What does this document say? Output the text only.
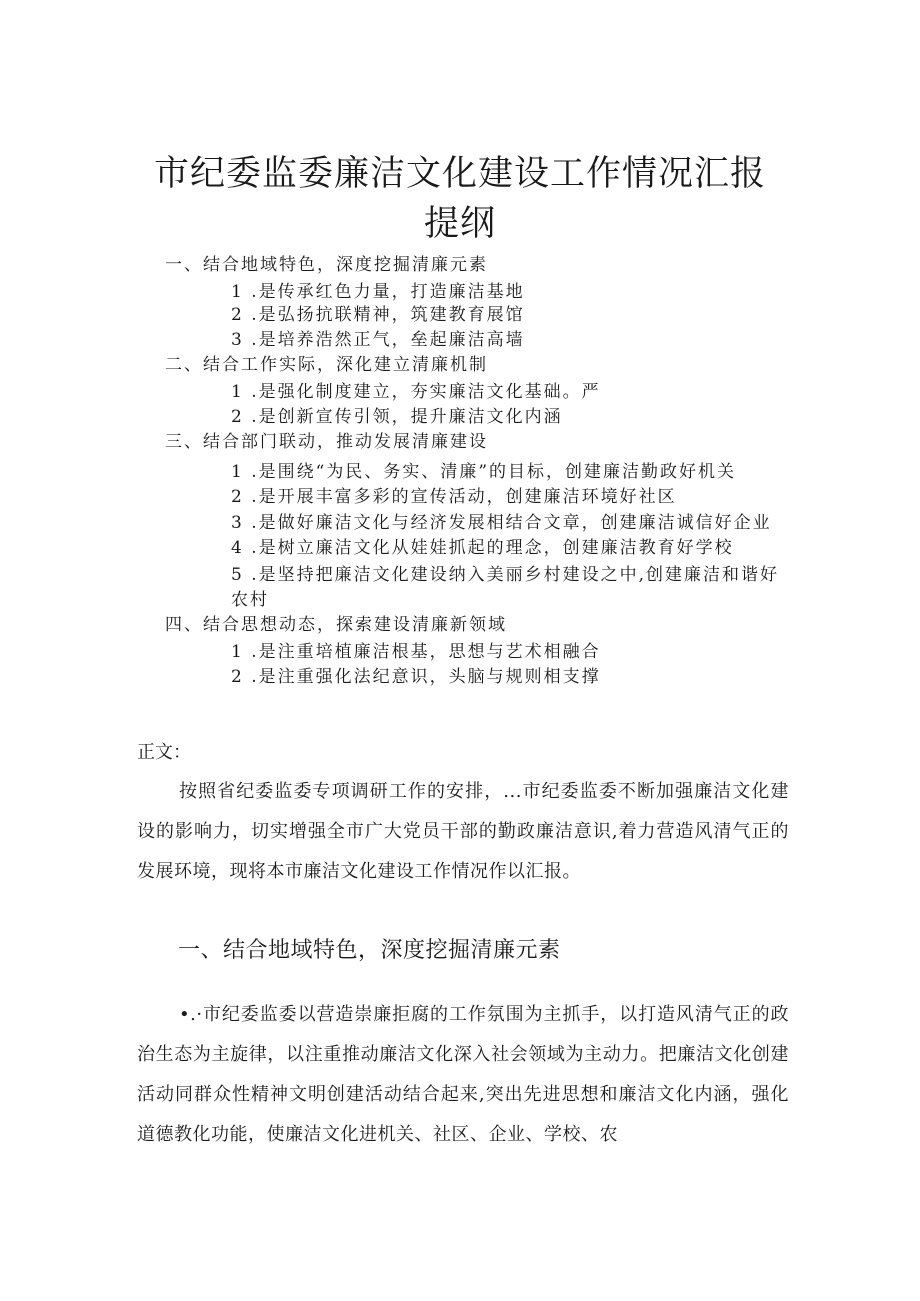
市纪委监委廉洁文化建设工作情况汇报
提纲
一、结合地域特色，深度挖掘清廉元素
1 .是传承红色力量，打造廉洁基地
2 .是弘扬抗联精神，筑建教育展馆
3 .是培养浩然正气，垒起廉洁高墙
二、结合工作实际，深化建立清廉机制
1 .是强化制度建立，夯实廉洁文化基础。严
2 .是创新宣传引领，提升廉洁文化内涵
三、结合部门联动，推动发展清廉建设
1 .是围绕“为民、务实、清廉”的目标，创建廉洁勤政好机关
2 .是开展丰富多彩的宣传活动，创建廉洁环境好社区
3 .是做好廉洁文化与经济发展相结合文章，创建廉洁诚信好企业
4 .是树立廉洁文化从娃娃抓起的理念，创建廉洁教育好学校
5 .是坚持把廉洁文化建设纳入美丽乡村建设之中,创建廉洁和谐好农村
四、结合思想动态，探索建设清廉新领域
1 .是注重培植廉洁根基，思想与艺术相融合
2 .是注重强化法纪意识，头脑与规则相支撑
正文：

按照省纪委监委专项调研工作的安排，...市纪委监委不断加强廉洁文化建设的影响力，切实增强全市广大党员干部的勤政廉洁意识,着力营造风清气正的发展环境，现将本市廉洁文化建设工作情况作以汇报。

一、结合地域特色，深度挖掘清廉元素

•.·市纪委监委以营造崇廉拒腐的工作氛围为主抓手，以打造风清气正的政治生态为主旋律，以注重推动廉洁文化深入社会领域为主动力。把廉洁文化创建活动同群众性精神文明创建活动结合起来,突出先进思想和廉洁文化内涵，强化道德教化功能，使廉洁文化进机关、社区、企业、学校、农
